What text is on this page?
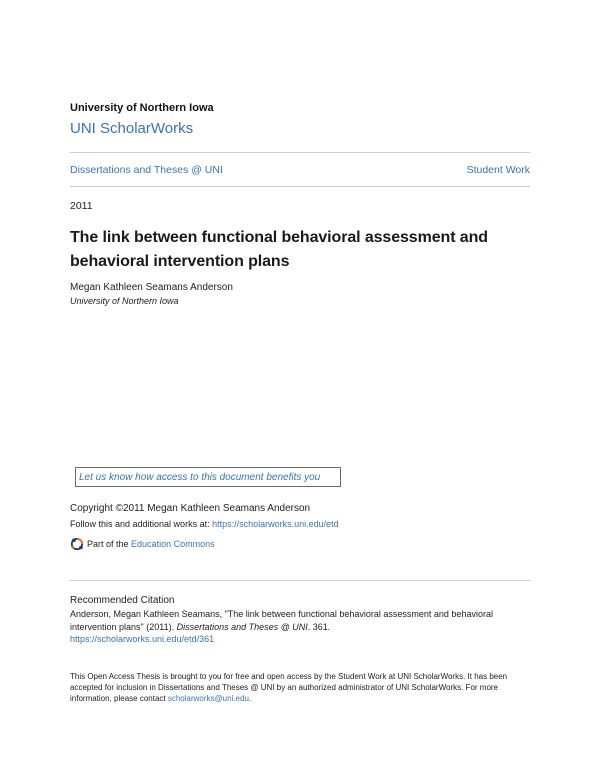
University of Northern Iowa
UNI ScholarWorks
Dissertations and Theses @ UNI	Student Work
2011
The link between functional behavioral assessment and behavioral intervention plans
Megan Kathleen Seamans Anderson
University of Northern Iowa
Let us know how access to this document benefits you
Copyright ©2011 Megan Kathleen Seamans Anderson
Follow this and additional works at: https://scholarworks.uni.edu/etd
Part of the
Education Commons
Recommended Citation
Anderson, Megan Kathleen Seamans, "The link between functional behavioral assessment and behavioral intervention plans" (2011). Dissertations and Theses @ UNI. 361.
https://scholarworks.uni.edu/etd/361
This Open Access Thesis is brought to you for free and open access by the Student Work at UNI ScholarWorks. It has been accepted for inclusion in Dissertations and Theses @ UNI by an authorized administrator of UNI ScholarWorks. For more information, please contact scholarworks@uni.edu.
